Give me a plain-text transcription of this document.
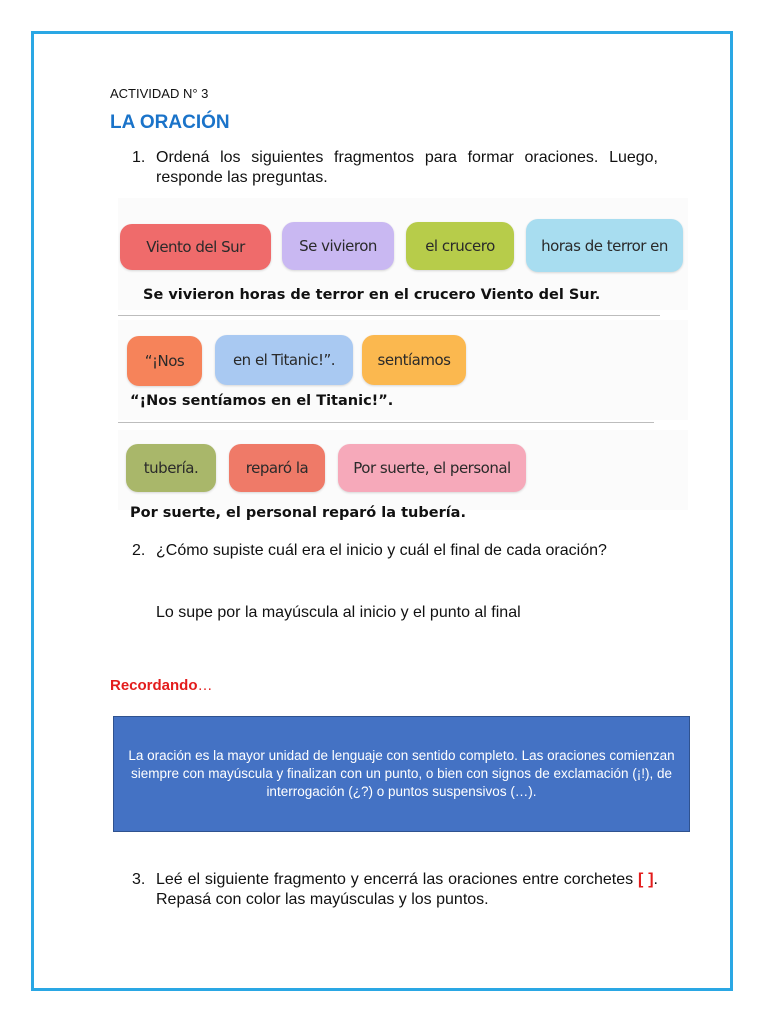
ACTIVIDAD N° 3
LA ORACIÓN
1. Ordená los siguientes fragmentos para formar oraciones. Luego, responde las preguntas.
Viento del Sur	Se vivieron	el crucero	horas de terror en
Se vivieron horas de terror en el crucero Viento del Sur.
“¡Nos	en el Titanic!”.	sentíamos
“¡Nos sentíamos en el Titanic!”.
tubería.	reparó la	Por suerte, el personal
Por suerte, el personal reparó la tubería.
2. ¿Cómo supiste cuál era el inicio y cuál el final de cada oración?
Lo supe por la mayúscula al inicio y el punto al final
Recordando…
La oración es la mayor unidad de lenguaje con sentido completo. Las oraciones comienzan siempre con mayúscula y finalizan con un punto, o bien con signos de exclamación (¡!), de interrogación (¿?) o puntos suspensivos (…).
3. Leé el siguiente fragmento y encerrá las oraciones entre corchetes [ ]. Repasá con color las mayúsculas y los puntos.
